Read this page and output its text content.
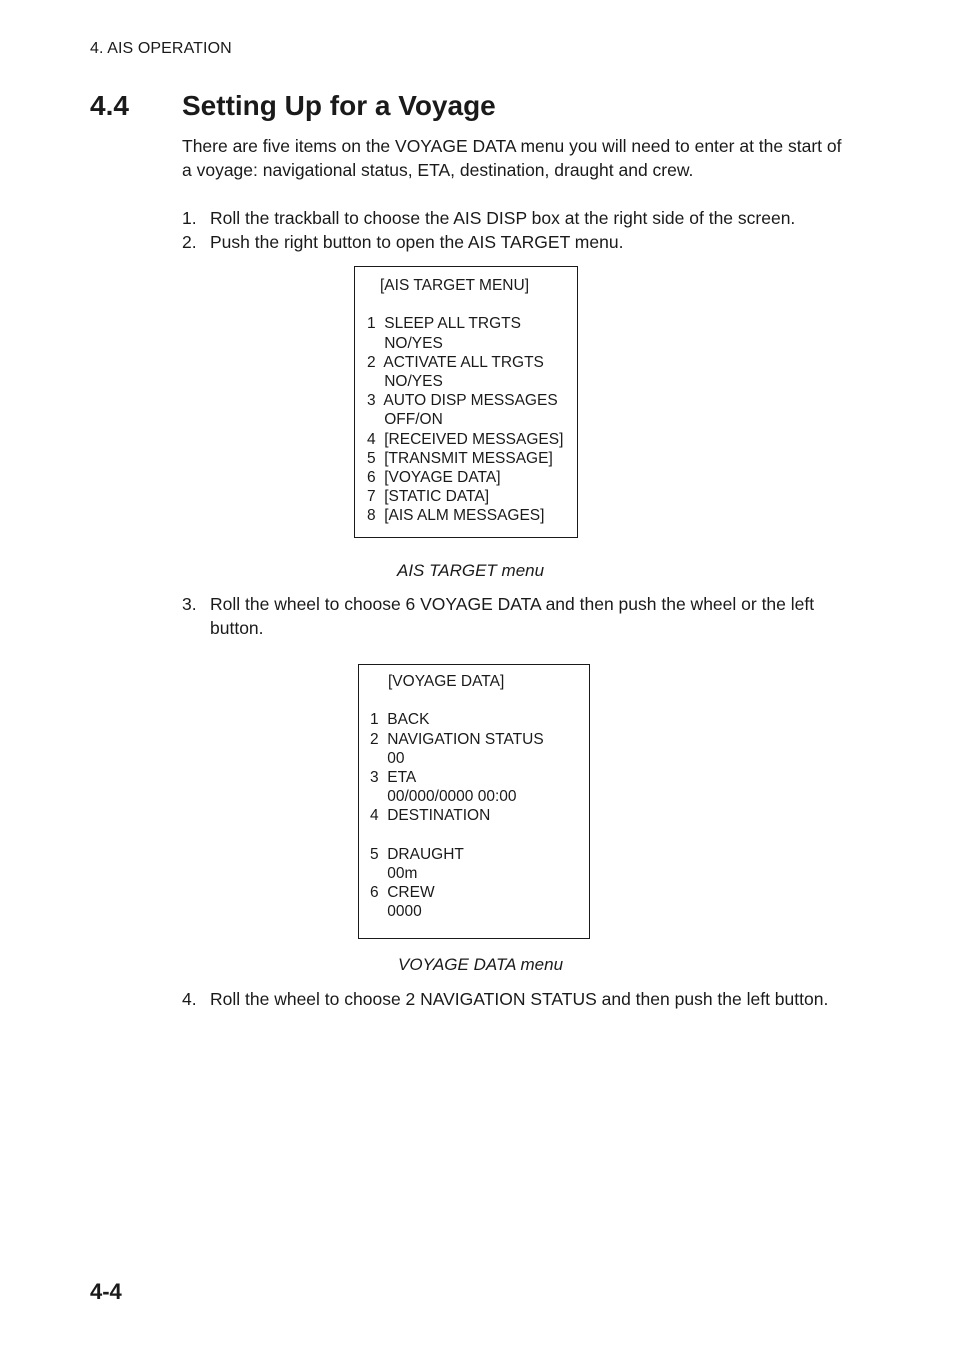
4. AIS OPERATION
4.4 Setting Up for a Voyage

There are five items on the VOYAGE DATA menu you will need to enter at the start of a voyage: navigational status, ETA, destination, draught and crew.

1. Roll the trackball to choose the AIS DISP box at the right side of the screen.
2. Push the right button to open the AIS TARGET menu.
[AIS TARGET MENU]
1  SLEEP ALL TRGTS
NO/YES
2  ACTIVATE ALL TRGTS
NO/YES
3  AUTO DISP MESSAGES
OFF/ON
4  [RECEIVED MESSAGES]
5  [TRANSMIT MESSAGE]
6  [VOYAGE DATA]
7  [STATIC DATA]
8  [AIS ALM MESSAGES]
AIS TARGET menu
3. Roll the wheel to choose 6 VOYAGE DATA and then push the wheel or the left button.
[VOYAGE DATA]
1  BACK
2  NAVIGATION STATUS
00
3  ETA
00/000/0000 00:00
4  DESTINATION
5  DRAUGHT
00m
6  CREW
0000
VOYAGE DATA menu
4. Roll the wheel to choose 2 NAVIGATION STATUS and then push the left button.
4-4
